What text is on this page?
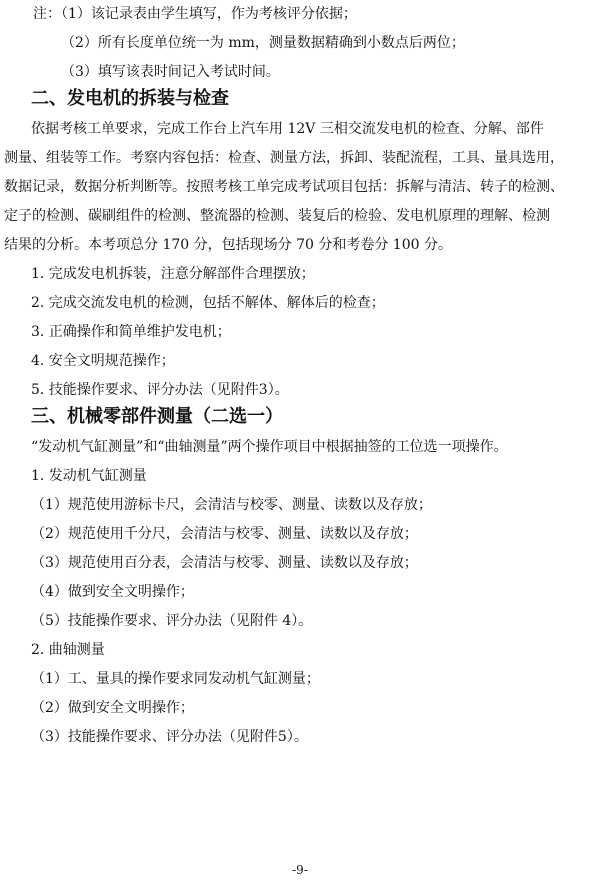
注：（1）该记录表由学生填写，作为考核评分依据；
（2）所有长度单位统一为 mm，测量数据精确到小数点后两位；
（3）填写该表时间记入考试时间。
二、发电机的拆装与检查
依据考核工单要求，完成工作台上汽车用 12V 三相交流发电机的检查、分解、部件
测量、组装等工作。考察内容包括：检查、测量方法，拆卸、装配流程，工具、量具选用，
数据记录，数据分析判断等。按照考核工单完成考试项目包括：拆解与清洁、转子的检测、
定子的检测、碳刷组件的检测、整流器的检测、装复后的检验、发电机原理的理解、检测
结果的分析。本考项总分 170 分，包括现场分 70 分和考卷分 100 分。
1. 完成发电机拆装，注意分解部件合理摆放；
2. 完成交流发电机的检测，包括不解体、解体后的检查；
3. 正确操作和简单维护发电机；
4. 安全文明规范操作；
5. 技能操作要求、评分办法（见附件3）。
三、机械零部件测量（二选一）
“发动机气缸测量”和“曲轴测量”两个操作项目中根据抽签的工位选一项操作。
1. 发动机气缸测量
（1）规范使用游标卡尺，会清洁与校零、测量、读数以及存放；
（2）规范使用千分尺，会清洁与校零、测量、读数以及存放；
（3）规范使用百分表，会清洁与校零、测量、读数以及存放；
（4）做到安全文明操作；
（5）技能操作要求、评分办法（见附件 4）。
2. 曲轴测量
（1）工、量具的操作要求同发动机气缸测量；
（2）做到安全文明操作；
（3）技能操作要求、评分办法（见附件5）。
-9-
